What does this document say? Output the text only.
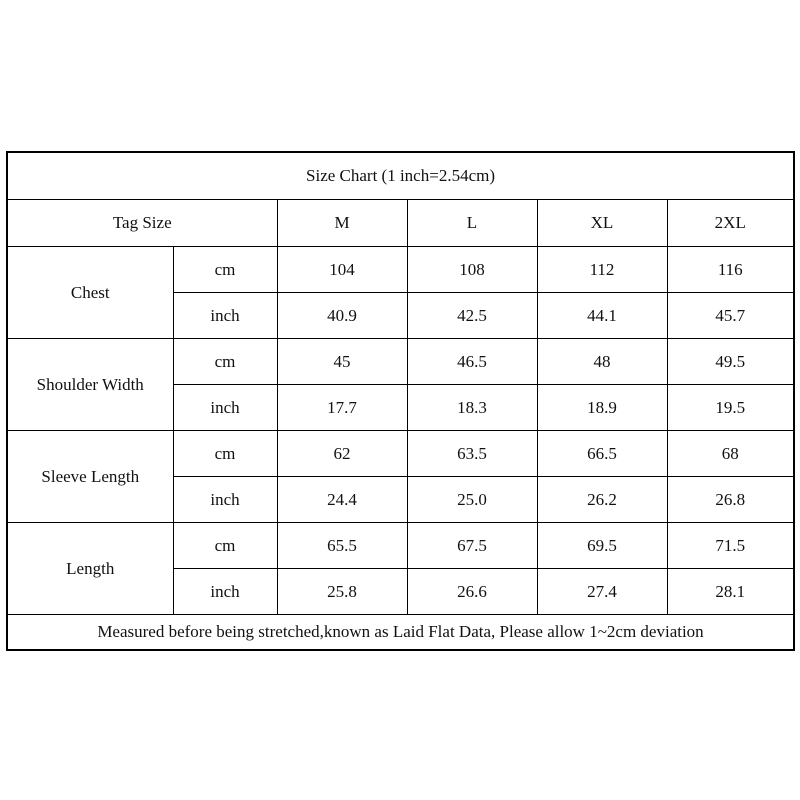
Size Chart (1 inch=2.54cm)					
Tag Size		M	L	XL	2XL
Chest	cm	104	108	112	116
	inch	40.9	42.5	44.1	45.7
Shoulder Width	cm	45	46.5	48	49.5
	inch	17.7	18.3	18.9	19.5
Sleeve Length	cm	62	63.5	66.5	68
	inch	24.4	25.0	26.2	26.8
Length	cm	65.5	67.5	69.5	71.5
	inch	25.8	26.6	27.4	28.1
Measured before being stretched,known as Laid Flat Data, Please allow 1~2cm deviation					
